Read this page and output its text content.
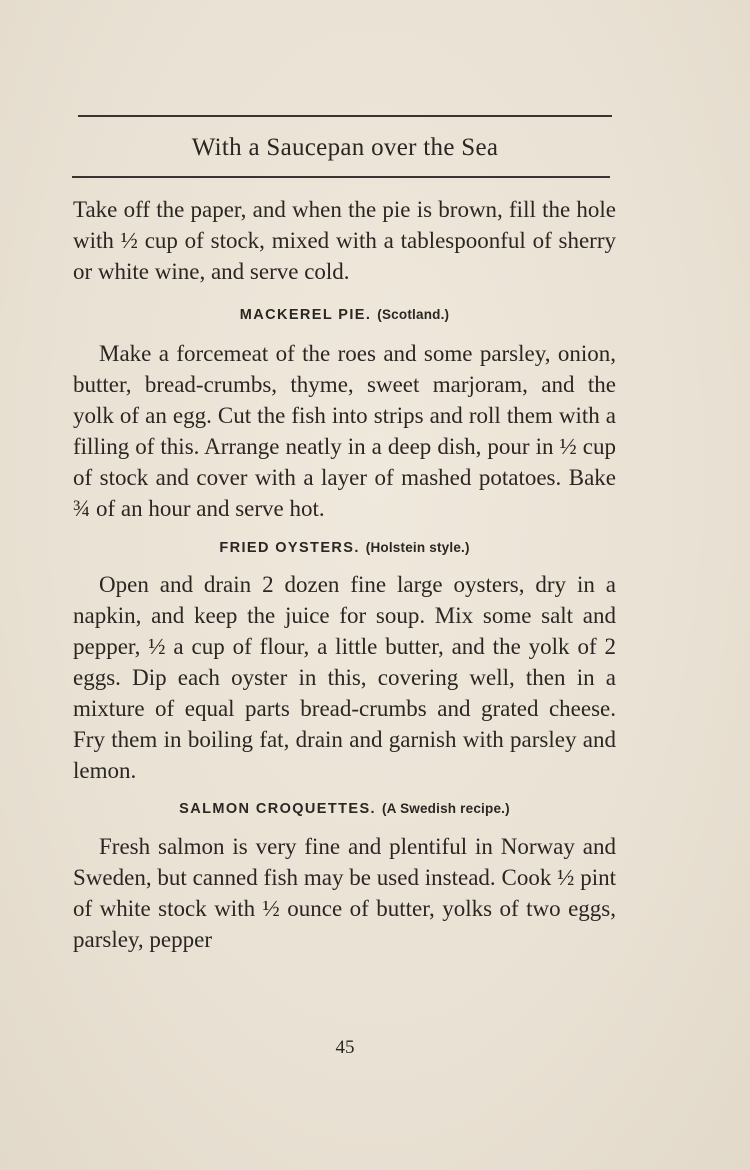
With a Saucepan over the Sea

Take off the paper, and when the pie is brown, fill the hole with ½ cup of stock, mixed with a tablespoonful of sherry or white wine, and serve cold.

MACKEREL PIE. (Scotland.)

Make a forcemeat of the roes and some parsley, onion, butter, bread-crumbs, thyme, sweet marjoram, and the yolk of an egg. Cut the fish into strips and roll them with a filling of this. Arrange neatly in a deep dish, pour in ½ cup of stock and cover with a layer of mashed potatoes. Bake ¾ of an hour and serve hot.

FRIED OYSTERS. (Holstein style.)

Open and drain 2 dozen fine large oysters, dry in a napkin, and keep the juice for soup. Mix some salt and pepper, ½ a cup of flour, a little butter, and the yolk of 2 eggs. Dip each oyster in this, covering well, then in a mixture of equal parts bread-crumbs and grated cheese. Fry them in boiling fat, drain and garnish with parsley and lemon.

SALMON CROQUETTES. (A Swedish recipe.)

Fresh salmon is very fine and plentiful in Norway and Sweden, but canned fish may be used instead. Cook ½ pint of white stock with ½ ounce of butter, yolks of two eggs, parsley, pepper

45
